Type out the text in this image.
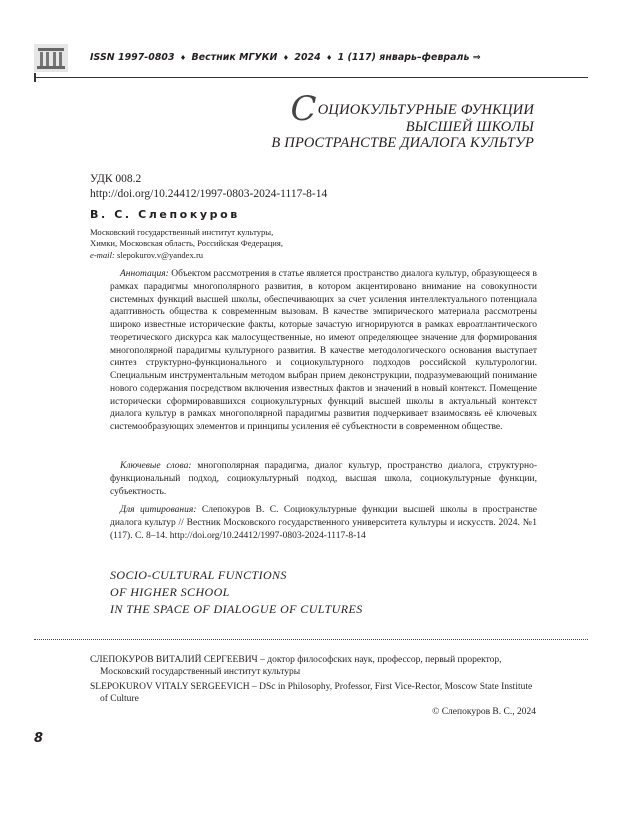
ISSN 1997-0803 ♦ Вестник МГУКИ ♦ 2024 ♦ 1 (117) январь–февраль ⇒
СОЦИОКУЛЬТУРНЫЕ ФУНКЦИИ
ВЫСШЕЙ ШКОЛЫ
В ПРОСТРАНСТВЕ ДИАЛОГА КУЛЬТУР
УДК 008.2
http://doi.org/10.24412/1997-0803-2024-1117-8-14
В. С. Слепокуров
Московский государственный институт культуры,
Химки, Московская область, Российская Федерация,
e-mail: slepokurov.v@yandex.ru
Аннотация: Объектом рассмотрения в статье является пространство диалога культур, образующееся в рамках парадигмы многополярного развития, в котором акцентировано внимание на совокупности системных функций высшей школы, обеспечивающих за счет усиления интеллектуального потенциала адаптивность общества к современным вызовам. В качестве эмпирического материала рассмотрены широко известные исторические факты, которые зачастую игнорируются в рамках евроатлантического теоретического дискурса как малосущественные, но имеют определяющее значение для формирования многополярной парадигмы культурного развития. В качестве методологического основания выступает синтез структурно-функционального и социокультурного подходов российской культурологии. Специальным инструментальным методом выбран прием деконструкции, подразумевающий понимание нового содержания посредством включения известных фактов и значений в новый контекст. Помещение исторически сформировавшихся социокультурных функций высшей школы в актуальный контекст диалога культур в рамках многополярной парадигмы развития подчеркивает взаимосвязь её ключевых системообразующих элементов и принципы усиления её субъектности в современном обществе.
Ключевые слова: многополярная парадигма, диалог культур, пространство диалога, структурно-функциональный подход, социокультурный подход, высшая школа, социокультурные функции, субъектность.
Для цитирования: Слепокуров В. С. Социокультурные функции высшей школы в пространстве диалога культур // Вестник Московского государственного университета культуры и искусств. 2024. №1 (117). С. 8–14. http://doi.org/10.24412/1997-0803-2024-1117-8-14
SOCIO-CULTURAL FUNCTIONS
OF HIGHER SCHOOL
IN THE SPACE OF DIALOGUE OF CULTURES
СЛЕПОКУРОВ ВИТАЛИЙ СЕРГЕЕВИЧ – доктор философских наук, профессор, первый проректор, Московский государственный институт культуры
SLEPOKUROV VITALY SERGEEVICH – DSc in Philosophy, Professor, First Vice-Rector, Moscow State Institute of Culture
© Слепокуров В. С., 2024
8
